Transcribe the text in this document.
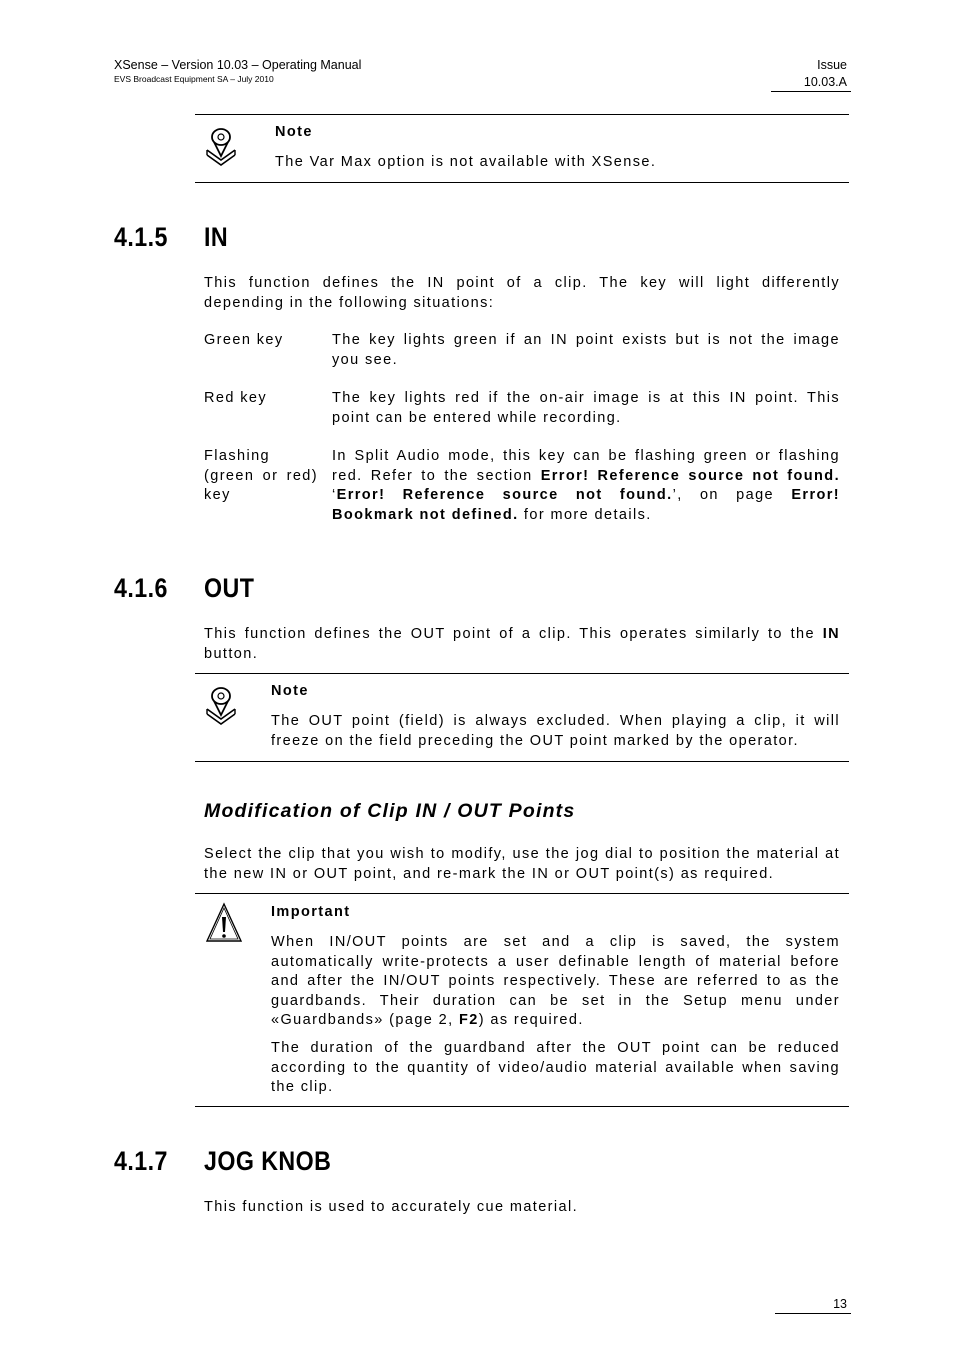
XSense – Version 10.03 – Operating Manual
EVS Broadcast Equipment SA – July 2010
Issue
10.03.A
Note
The Var Max option is not available with XSense.
4.1.5 IN
This function defines the IN point of a clip. The key will light differently depending in the following situations:
Green key	The key lights green if an IN point exists but is not the image you see.
Red key	The key lights red if the on-air image is at this IN point. This point can be entered while recording.
Flashing (green or red) key
In Split Audio mode, this key can be flashing green or flashing red. Refer to the section Error! Reference source not found. ‘Error! Reference source not found.’, on page Error! Bookmark not defined. for more details.
4.1.6 OUT
This function defines the OUT point of a clip. This operates similarly to the IN button.
Note
The OUT point (field) is always excluded. When playing a clip, it will freeze on the field preceding the OUT point marked by the operator.
Modification of Clip IN / OUT Points
Select the clip that you wish to modify, use the jog dial to position the material at the new IN or OUT point, and re-mark the IN or OUT point(s) as required.
Important
When IN/OUT points are set and a clip is saved, the system automatically write-protects a user definable length of material before and after the IN/OUT points respectively. These are referred to as the guardbands. Their duration can be set in the Setup menu under «Guardbands» (page 2, F2) as required.
The duration of the guardband after the OUT point can be reduced according to the quantity of video/audio material available when saving the clip.
4.1.7 JOG KNOB
This function is used to accurately cue material.
13
